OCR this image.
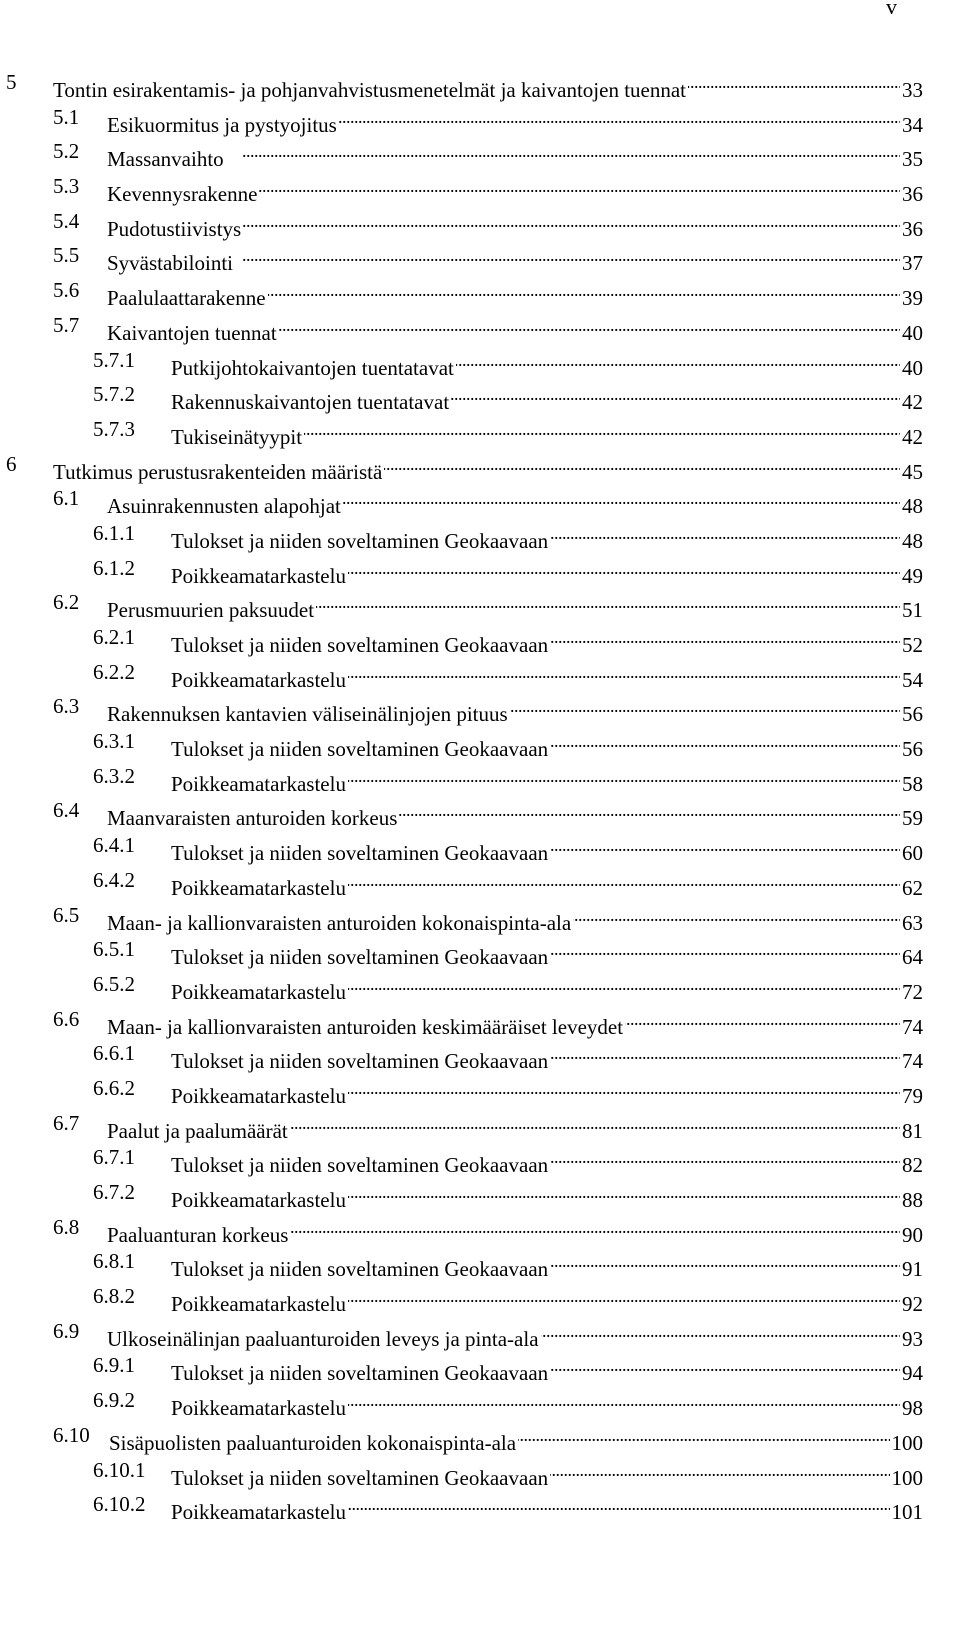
v
5 Tontin esirakentamis- ja pohjanvahvistusmenetelmät ja kaivantojen tuennat . . .	33
5.1 Esikuormitus ja pystyojitus . . .	34
5.2 Massanvaihto . . .	35
5.3 Kevennysrakenne . . .	36
5.4 Pudotustiivistys . . .	36
5.5 Syvästabilointi . . .	37
5.6 Paalulaattarakenne . . .	39
5.7 Kaivantojen tuennat . . .	40
5.7.1 Putkijohtokaivantojen tuentatavat . . .	40
5.7.2 Rakennuskaivantojen tuentatavat . . .	42
5.7.3 Tukiseinätyypit . . .	42
6 Tutkimus perustusrakenteiden määristä . . .	45
6.1 Asuinrakennusten alapohjat . . .	48
6.1.1 Tulokset ja niiden soveltaminen Geokaavaan . . .	48
6.1.2 Poikkeamatarkastelu . . .	49
6.2 Perusmuurien paksuudet . . .	51
6.2.1 Tulokset ja niiden soveltaminen Geokaavaan . . .	52
6.2.2 Poikkeamatarkastelu . . .	54
6.3 Rakennuksen kantavien väliseinälinjojen pituus . . .	56
6.3.1 Tulokset ja niiden soveltaminen Geokaavaan . . .	56
6.3.2 Poikkeamatarkastelu . . .	58
6.4 Maanvaraisten anturoiden korkeus . . .	59
6.4.1 Tulokset ja niiden soveltaminen Geokaavaan . . .	60
6.4.2 Poikkeamatarkastelu . . .	62
6.5 Maan- ja kallionvaraisten anturoiden kokonaispinta-ala . . .	63
6.5.1 Tulokset ja niiden soveltaminen Geokaavaan . . .	64
6.5.2 Poikkeamatarkastelu . . .	72
6.6 Maan- ja kallionvaraisten anturoiden keskimääräiset leveydet . . .	74
6.6.1 Tulokset ja niiden soveltaminen Geokaavaan . . .	74
6.6.2 Poikkeamatarkastelu . . .	79
6.7 Paalut ja paalumäärät . . .	81
6.7.1 Tulokset ja niiden soveltaminen Geokaavaan . . .	82
6.7.2 Poikkeamatarkastelu . . .	88
6.8 Paaluanturan korkeus . . .	90
6.8.1 Tulokset ja niiden soveltaminen Geokaavaan . . .	91
6.8.2 Poikkeamatarkastelu . . .	92
6.9 Ulkoseinälinjan paaluanturoiden leveys ja pinta-ala . . .	93
6.9.1 Tulokset ja niiden soveltaminen Geokaavaan . . .	94
6.9.2 Poikkeamatarkastelu . . .	98
6.10 Sisäpuolisten paaluanturoiden kokonaispinta-ala . . .	100
6.10.1 Tulokset ja niiden soveltaminen Geokaavaan . . .	100
6.10.2 Poikkeamatarkastelu . . .	101
